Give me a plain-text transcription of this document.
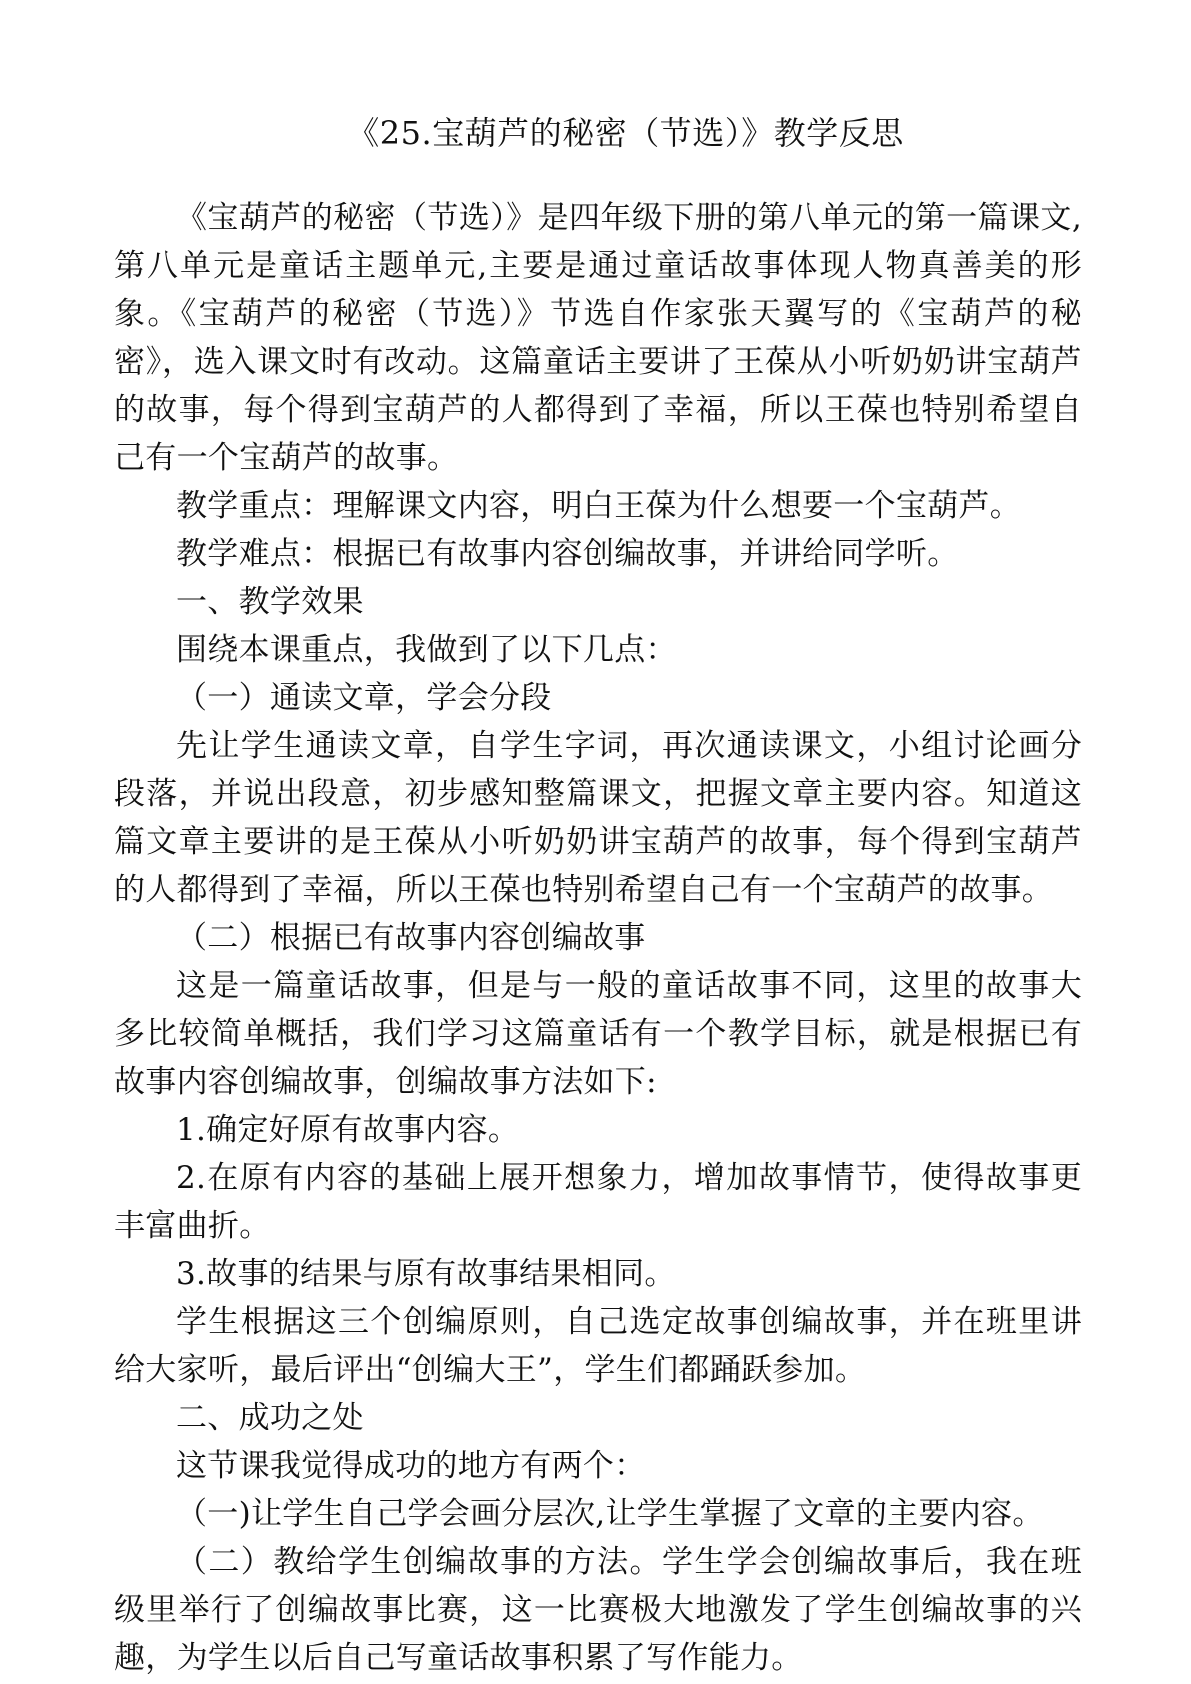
《25.宝葫芦的秘密（节选）》教学反思

《宝葫芦的秘密（节选）》是四年级下册的第八单元的第一篇课文,第八单元是童话主题单元,主要是通过童话故事体现人物真善美的形象。《宝葫芦的秘密（节选）》节选自作家张天翼写的《宝葫芦的秘密》，选入课文时有改动。这篇童话主要讲了王葆从小听奶奶讲宝葫芦的故事，每个得到宝葫芦的人都得到了幸福，所以王葆也特别希望自己有一个宝葫芦的故事。

教学重点：理解课文内容，明白王葆为什么想要一个宝葫芦。

教学难点：根据已有故事内容创编故事，并讲给同学听。

一、教学效果

围绕本课重点，我做到了以下几点：

（一）通读文章，学会分段

先让学生通读文章，自学生字词，再次通读课文，小组讨论画分段落，并说出段意，初步感知整篇课文，把握文章主要内容。知道这篇文章主要讲的是王葆从小听奶奶讲宝葫芦的故事，每个得到宝葫芦的人都得到了幸福，所以王葆也特别希望自己有一个宝葫芦的故事。

（二）根据已有故事内容创编故事

这是一篇童话故事，但是与一般的童话故事不同，这里的故事大多比较简单概括，我们学习这篇童话有一个教学目标，就是根据已有故事内容创编故事，创编故事方法如下:

1.确定好原有故事内容。

2.在原有内容的基础上展开想象力，增加故事情节，使得故事更丰富曲折。

3.故事的结果与原有故事结果相同。

学生根据这三个创编原则，自己选定故事创编故事，并在班里讲给大家听，最后评出“创编大王”，学生们都踊跃参加。

二、成功之处

这节课我觉得成功的地方有两个：

（一)让学生自己学会画分层次,让学生掌握了文章的主要内容。

（二）教给学生创编故事的方法。学生学会创编故事后，我在班级里举行了创编故事比赛，这一比赛极大地激发了学生创编故事的兴趣，为学生以后自己写童话故事积累了写作能力。
